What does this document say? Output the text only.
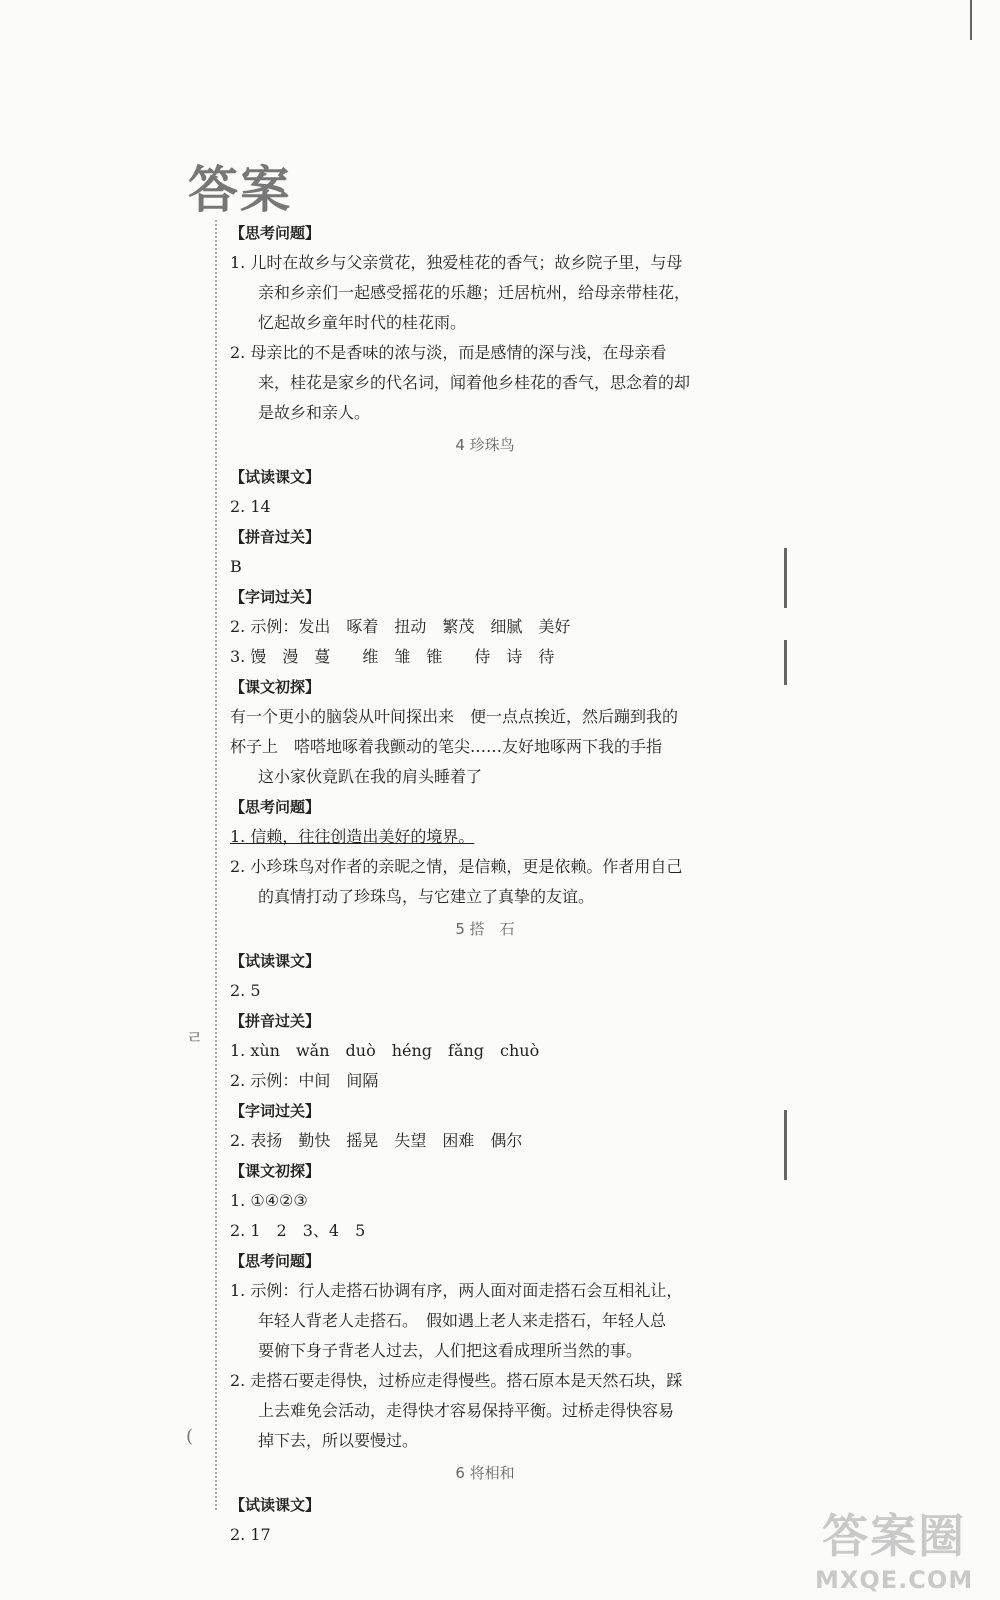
答案
ㄹ
(
【思考问题】
1. 儿时在故乡与父亲赏花，独爱桂花的香气；故乡院子里，与母
亲和乡亲们一起感受摇花的乐趣；迁居杭州，给母亲带桂花，
忆起故乡童年时代的桂花雨。
2. 母亲比的不是香味的浓与淡，而是感情的深与浅，在母亲看
来，桂花是家乡的代名词，闻着他乡桂花的香气，思念着的却
是故乡和亲人。
4 珍珠鸟
【试读课文】
2. 14
【拼音过关】
B
【字词过关】
2. 示例：发出　啄着　扭动　繁茂　细腻　美好
3. 馒　漫　蔓　　维　雏　锥　　侍　诗　待
【课文初探】
有一个更小的脑袋从叶间探出来　便一点点挨近，然后蹦到我的
杯子上　嗒嗒地啄着我颤动的笔尖……友好地啄两下我的手指
这小家伙竟趴在我的肩头睡着了
【思考问题】
1. 信赖，往往创造出美好的境界。
2. 小珍珠鸟对作者的亲昵之情，是信赖，更是依赖。作者用自己
的真情打动了珍珠鸟，与它建立了真挚的友谊。
5 搭　石
【试读课文】
2. 5
【拼音过关】
1. xùn　wǎn　duò　héng　fǎng　chuò
2. 示例：中间　间隔
【字词过关】
2. 表扬　勤快　摇晃　失望　困难　偶尔
【课文初探】
1. ①④②③
2. 1　2　3、4　5
【思考问题】
1. 示例：行人走搭石协调有序，两人面对面走搭石会互相礼让，
年轻人背老人走搭石。　假如遇上老人来走搭石，年轻人总
要俯下身子背老人过去，人们把这看成理所当然的事。
2. 走搭石要走得快，过桥应走得慢些。搭石原本是天然石块，踩
上去难免会活动，走得快才容易保持平衡。过桥走得快容易
掉下去，所以要慢过。
6 将相和
【试读课文】
2. 17	答案圈
MXQE.COM
